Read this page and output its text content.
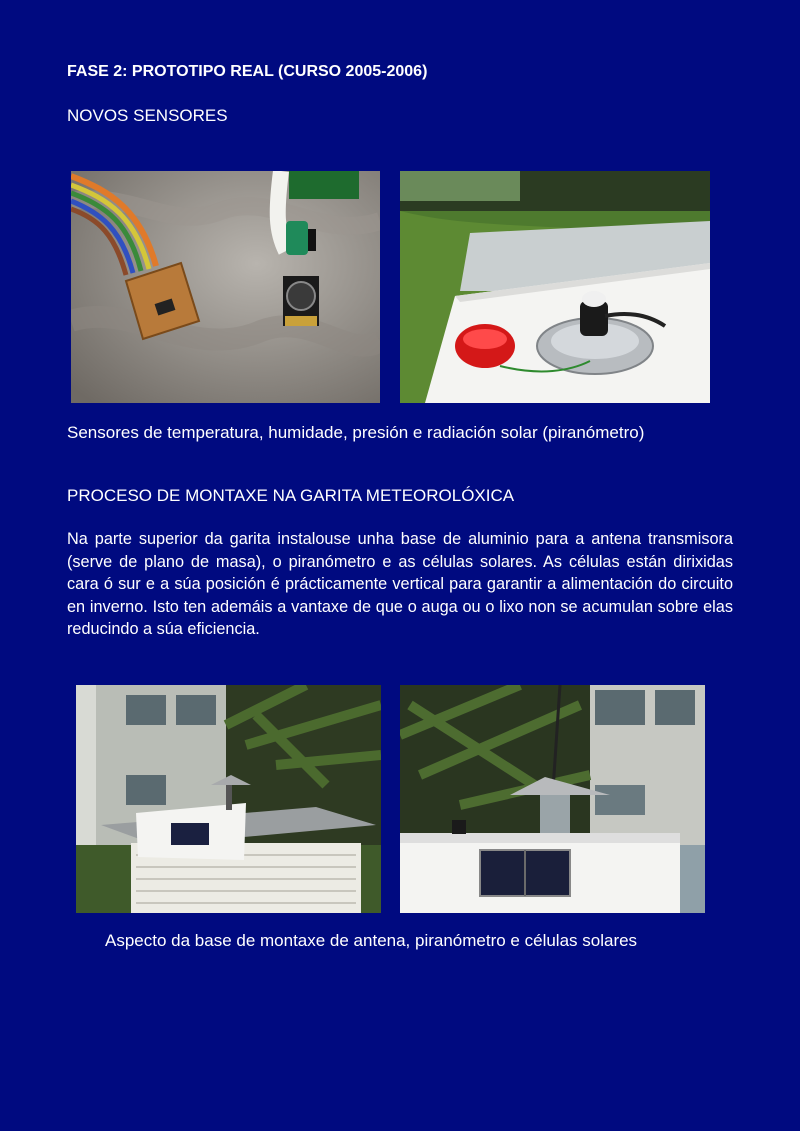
FASE 2: PROTOTIPO REAL (CURSO 2005-2006)
NOVOS SENSORES
Sensores de temperatura, humidade, presión e radiación solar (piranómetro)
PROCESO DE MONTAXE NA GARITA METEOROLÓXICA
Na parte superior da garita instalouse unha base de aluminio para a antena transmisora (serve de plano de masa), o piranómetro e as células solares. As células están dirixidas cara ó sur e a súa posición é prácticamente vertical para garantir a alimentación do circuito en inverno. Isto ten ademáis a vantaxe de que o auga ou o lixo non se acumulan sobre elas reducindo a súa eficiencia.
Aspecto da base de montaxe de antena, piranómetro e células solares
